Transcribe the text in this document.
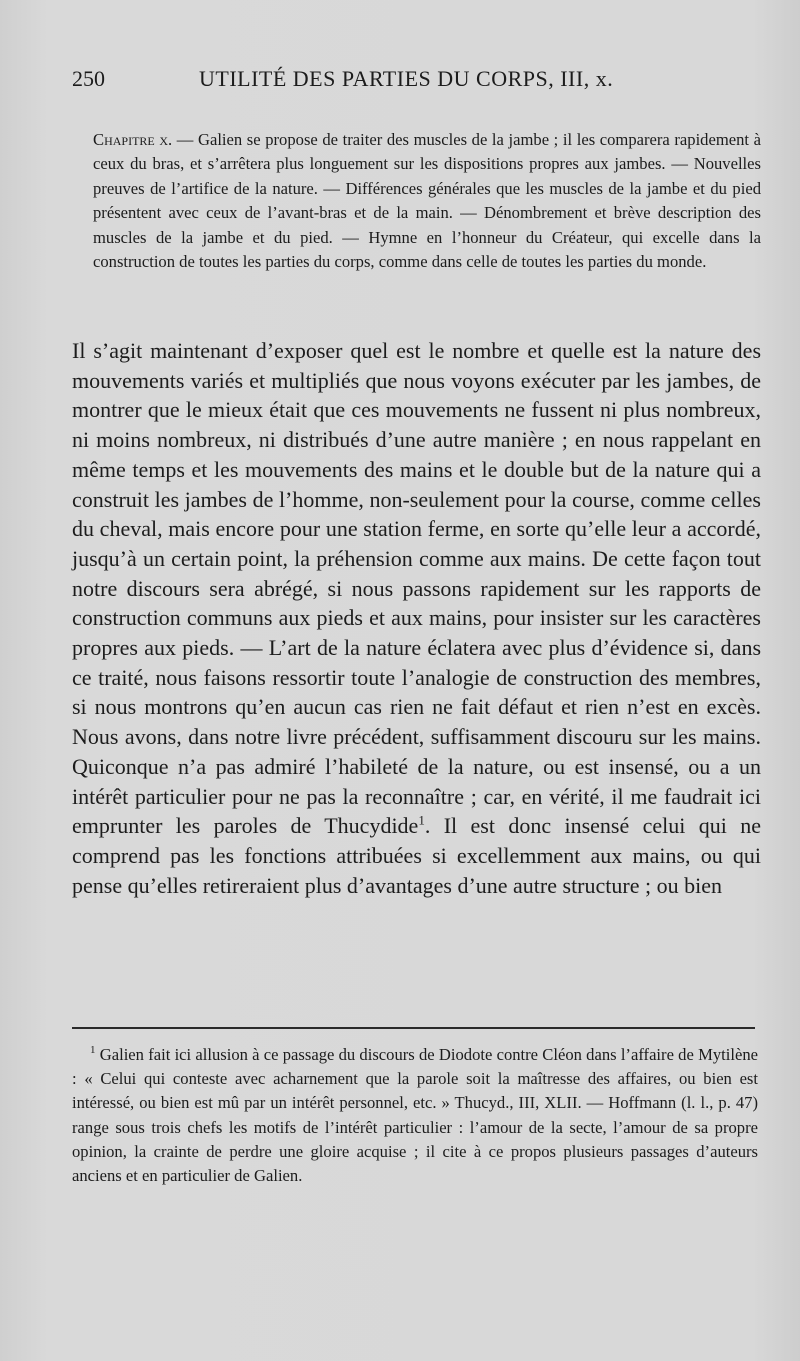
250	UTILITÉ DES PARTIES DU CORPS, III, x.
Chapitre x. — Galien se propose de traiter des muscles de la jambe ; il les comparera rapidement à ceux du bras, et s’arrêtera plus longuement sur les dispositions propres aux jambes. — Nouvelles preuves de l’artifice de la nature. — Différences générales que les muscles de la jambe et du pied présentent avec ceux de l’avant-bras et de la main. — Dénombrement et brève description des muscles de la jambe et du pied. — Hymne en l’honneur du Créateur, qui excelle dans la construction de toutes les parties du corps, comme dans celle de toutes les parties du monde.
Il s’agit maintenant d’exposer quel est le nombre et quelle est la nature des mouvements variés et multipliés que nous voyons exécuter par les jambes, de montrer que le mieux était que ces mouvements ne fussent ni plus nombreux, ni moins nombreux, ni distribués d’une autre manière ; en nous rappelant en même temps et les mouvements des mains et le double but de la nature qui a construit les jambes de l’homme, non-seulement pour la course, comme celles du cheval, mais encore pour une station ferme, en sorte qu’elle leur a accordé, jusqu’à un certain point, la préhension comme aux mains. De cette façon tout notre discours sera abrégé, si nous passons rapidement sur les rapports de construction communs aux pieds et aux mains, pour insister sur les caractères propres aux pieds. — L’art de la nature éclatera avec plus d’évidence si, dans ce traité, nous faisons ressortir toute l’analogie de construction des membres, si nous montrons qu’en aucun cas rien ne fait défaut et rien n’est en excès. Nous avons, dans notre livre précédent, suffisamment discouru sur les mains. Quiconque n’a pas admiré l’habileté de la nature, ou est insensé, ou a un intérêt particulier pour ne pas la reconnaître ; car, en vérité, il me faudrait ici emprunter les paroles de Thucydide$^1$. Il est donc insensé celui qui ne comprend pas les fonctions attribuées si excellemment aux mains, ou qui pense qu’elles retireraient plus d’avantages d’une autre structure ; ou bien
$^1$ Galien fait ici allusion à ce passage du discours de Diodote contre Cléon dans l’affaire de Mytilène : « Celui qui conteste avec acharnement que la parole soit la maîtresse des affaires, ou bien est intéressé, ou bien est mû par un intérêt personnel, etc. » Thucyd., III, XLII. — Hoffmann (l. l., p. 47) range sous trois chefs les motifs de l’intérêt particulier : l’amour de la secte, l’amour de sa propre opinion, la crainte de perdre une gloire acquise ; il cite à ce propos plusieurs passages d’auteurs anciens et en particulier de Galien.
